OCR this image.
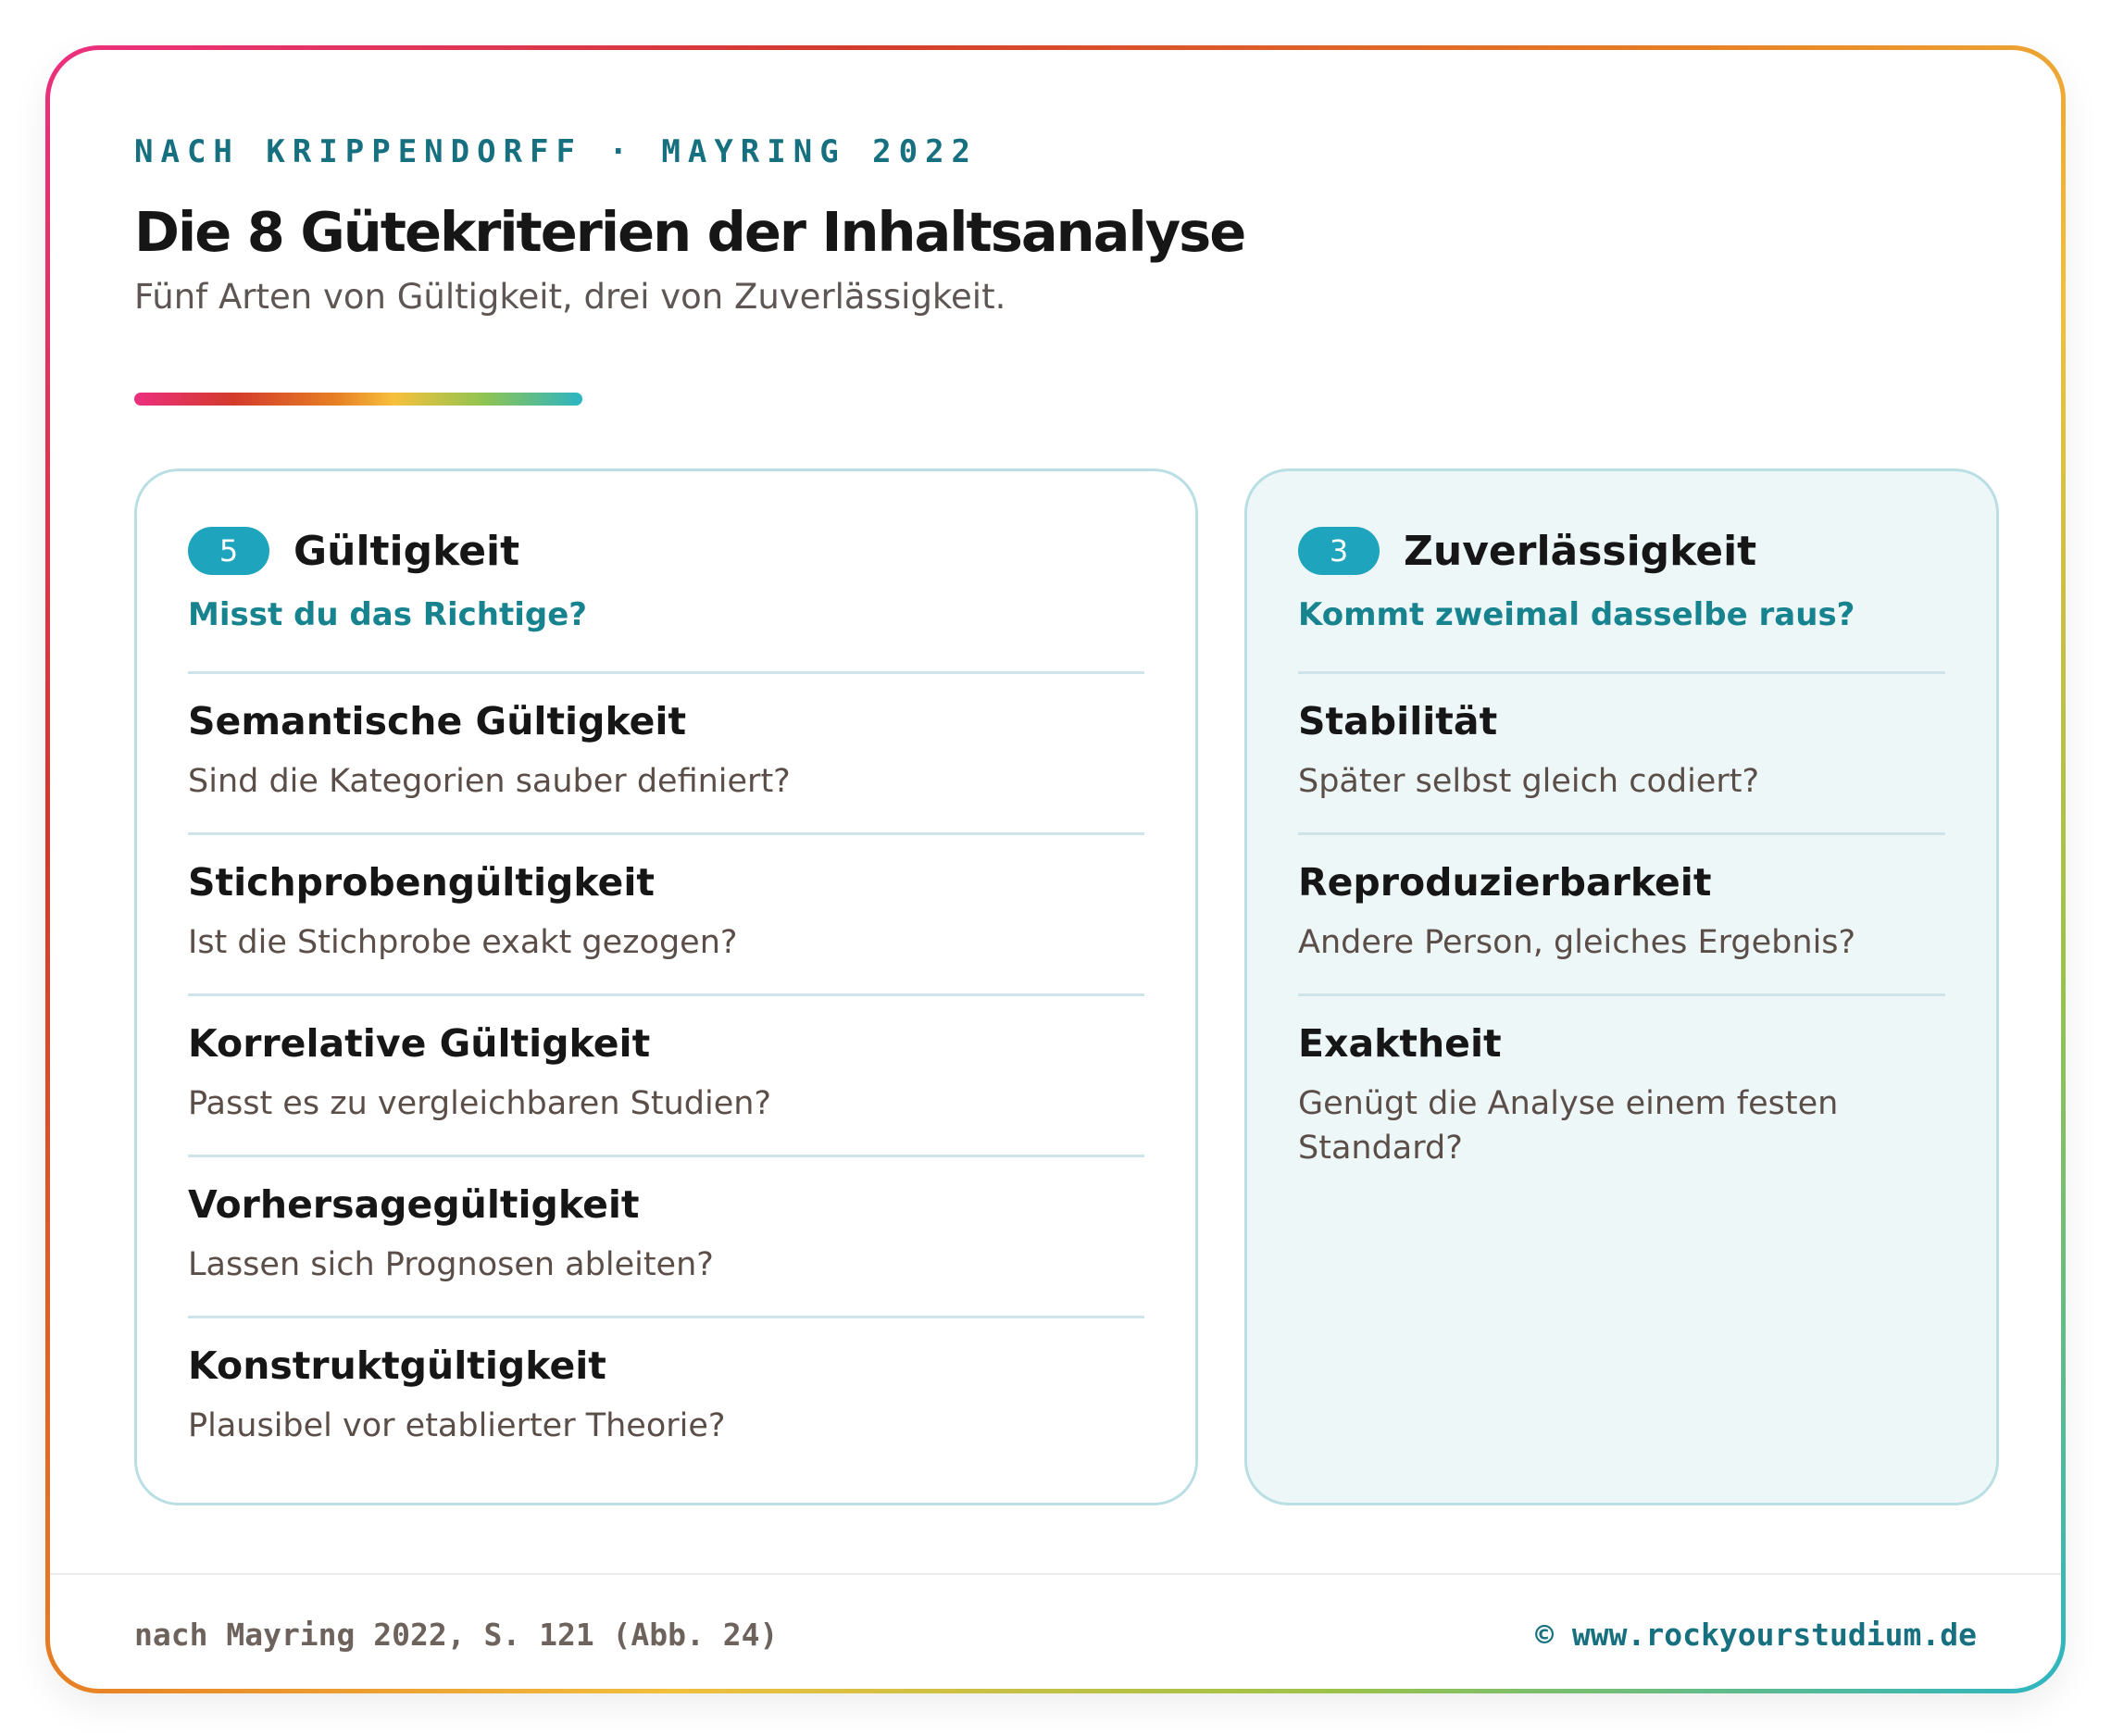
NACH KRIPPENDORFF · MAYRING 2022
Die 8 Gütekriterien der Inhaltsanalyse
Fünf Arten von Gültigkeit, drei von Zuverlässigkeit.
5	Gültigkeit
Misst du das Richtige?
Semantische Gültigkeit
Sind die Kategorien sauber definiert?
Stichprobengültigkeit
Ist die Stichprobe exakt gezogen?
Korrelative Gültigkeit
Passt es zu vergleichbaren Studien?
Vorhersagegültigkeit
Lassen sich Prognosen ableiten?
Konstruktgültigkeit
Plausibel vor etablierter Theorie?
3	Zuverlässigkeit
Kommt zweimal dasselbe raus?
Stabilität
Später selbst gleich codiert?
Reproduzierbarkeit
Andere Person, gleiches Ergebnis?
Exaktheit
Genügt die Analyse einem festen Standard?
nach Mayring 2022, S. 121 (Abb. 24)	© www.rockyourstudium.de
